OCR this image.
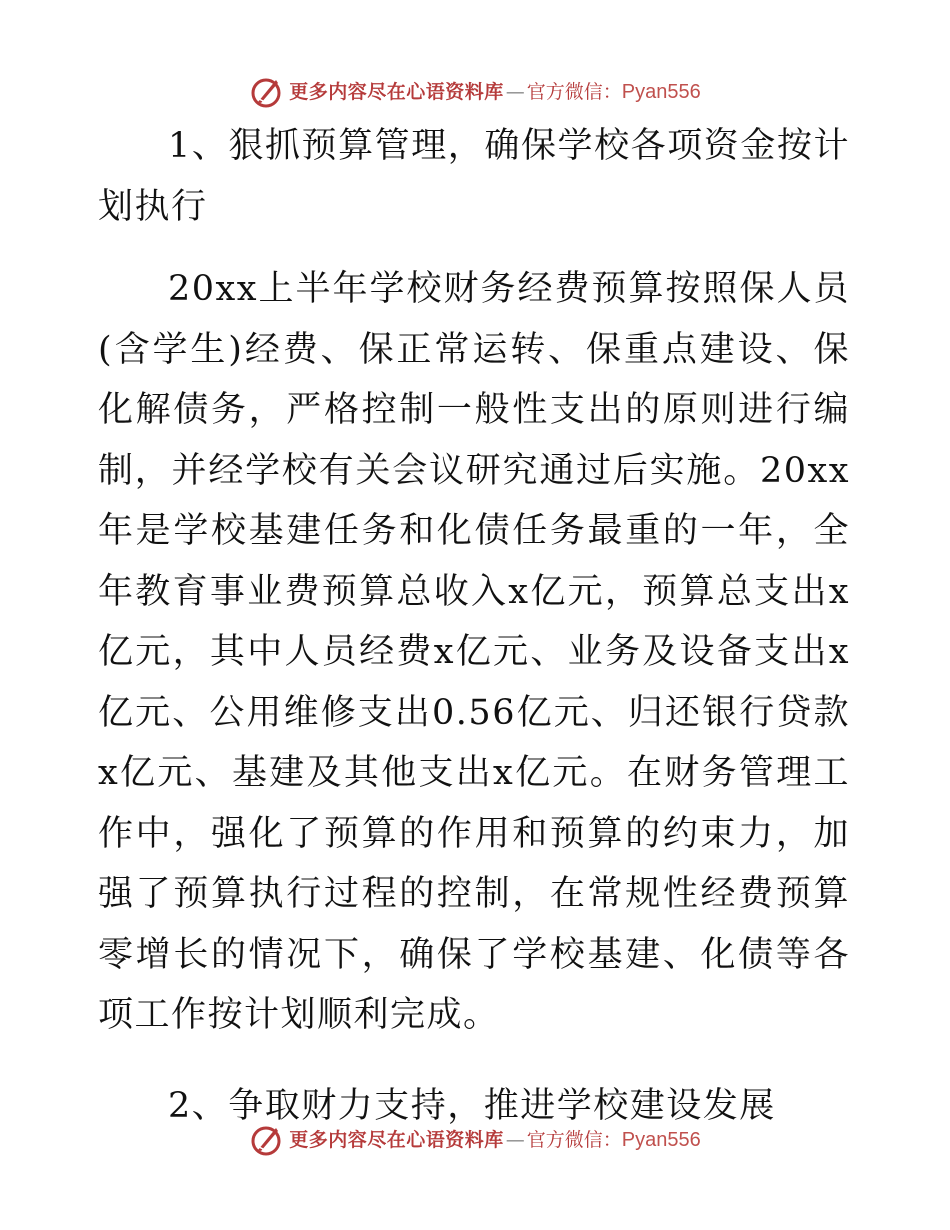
更多内容尽在心语资料库 — 官方微信： Pyan556

1、狠抓预算管理，确保学校各项资金按计划执行

20xx上半年学校财务经费预算按照保人员(含学生)经费、保正常运转、保重点建设、保化解债务，严格控制一般性支出的原则进行编制，并经学校有关会议研究通过后实施。20xx年是学校基建任务和化债任务最重的一年，全年教育事业费预算总收入x亿元，预算总支出x亿元，其中人员经费x亿元、业务及设备支出x亿元、公用维修支出0.56亿元、归还银行贷款x亿元、基建及其他支出x亿元。在财务管理工作中，强化了预算的作用和预算的约束力，加强了预算执行过程的控制，在常规性经费预算零增长的情况下，确保了学校基建、化债等各项工作按计划顺利完成。

2、争取财力支持，推进学校建设发展

更多内容尽在心语资料库 — 官方微信： Pyan556
